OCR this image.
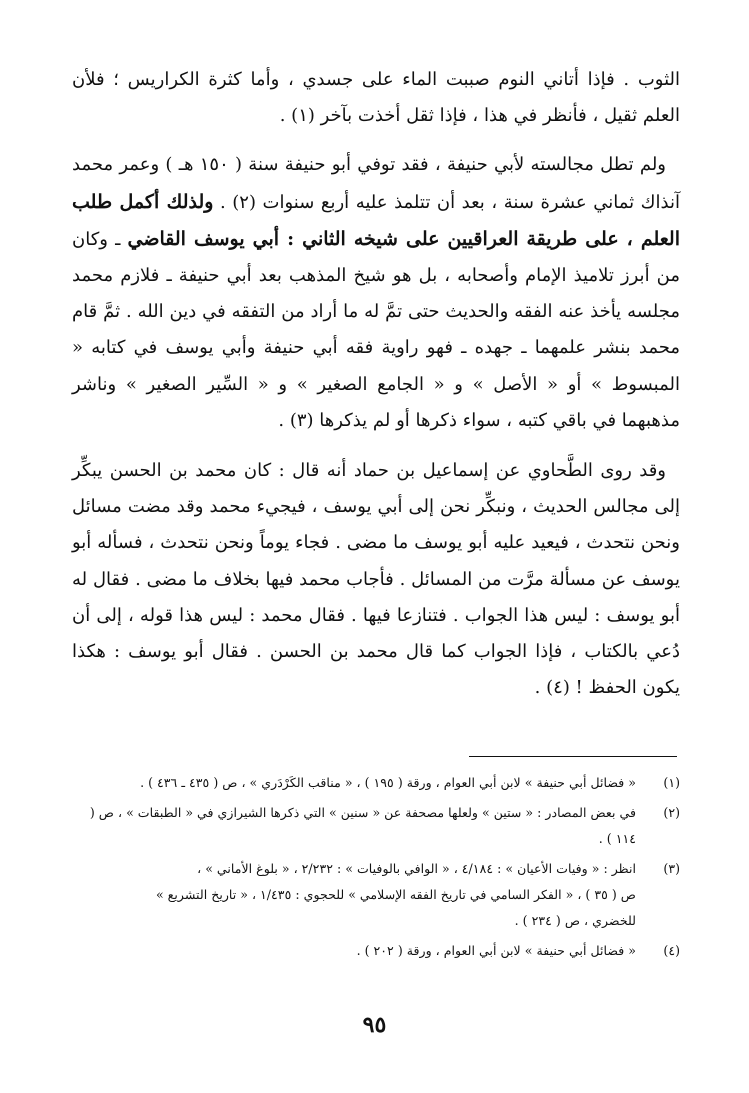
الثوب . فإذا أتاني النوم صببت الماء على جسدي ، وأما كثرة الكراريس ؛ فلأن العلم ثقيل ، فأنظر في هذا ، فإذا ثقل أخذت بآخر (١) .

ولم تطل مجالسته لأبي حنيفة ، فقد توفي أبو حنيفة سنة ( ١٥٠ هـ ) وعمر محمد آنذاك ثماني عشرة سنة ، بعد أن تتلمذ عليه أربع سنوات (٢) . ولذلك أكمل طلب العلم ، على طريقة العراقيين على شيخه الثاني : أبي يوسف القاضي ـ وكان من أبرز تلاميذ الإمام وأصحابه ، بل هو شيخ المذهب بعد أبي حنيفة ـ فلازم محمد مجلسه يأخذ عنه الفقه والحديث حتى تمَّ له ما أراد من التفقه في دين الله . ثمَّ قام محمد بنشر علمهما ـ جهده ـ فهو راوية فقه أبي حنيفة وأبي يوسف في كتابه « المبسوط » أو « الأصل » و « الجامع الصغير » و « السِّير الصغير » وناشر مذهبهما في باقي كتبه ، سواء ذكرها أو لم يذكرها (٣) .

وقد روى الطَّحاوي عن إسماعيل بن حماد أنه قال : كان محمد بن الحسن يبكِّر إلى مجالس الحديث ، ونبكِّر نحن إلى أبي يوسف ، فيجيء محمد وقد مضت مسائل ونحن نتحدث ، فيعيد عليه أبو يوسف ما مضى . فجاء يوماً ونحن نتحدث ، فسأله أبو يوسف عن مسألة مرَّت من المسائل . فأجاب محمد فيها بخلاف ما مضى . فقال له أبو يوسف : ليس هذا الجواب . فتنازعا فيها . فقال محمد : ليس هذا قوله ، إلى أن دُعي بالكتاب ، فإذا الجواب كما قال محمد بن الحسن . فقال أبو يوسف : هكذا يكون الحفظ ! (٤) .

(١)
« فضائل أبي حنيفة » لابن أبي العوام ، ورقة ( ١٩٥ ) ، « مناقب الكَرْدَري » ، ص ( ٤٣٥ ـ ٤٣٦ ) .
(٢)
في بعض المصادر : « ستين » ولعلها مصحفة عن « سنين » التي ذكرها الشيرازي في « الطبقات » ، ص ( ١١٤ ) .
(٣)
انظر : « وفيات الأعيان » : ٤/١٨٤ ، « الوافي بالوفيات » : ٢/٢٣٢ ، « بلوغ الأماني » ،
ص ( ٣٥ ) ، « الفكر السامي في تاريخ الفقه الإسلامي » للحجوي : ١/٤٣٥ ، « تاريخ التشريع »
للخضري ، ص ( ٢٣٤ ) .
(٤)
« فضائل أبي حنيفة » لابن أبي العوام ، ورقة ( ٢٠٢ ) .
٩٥
